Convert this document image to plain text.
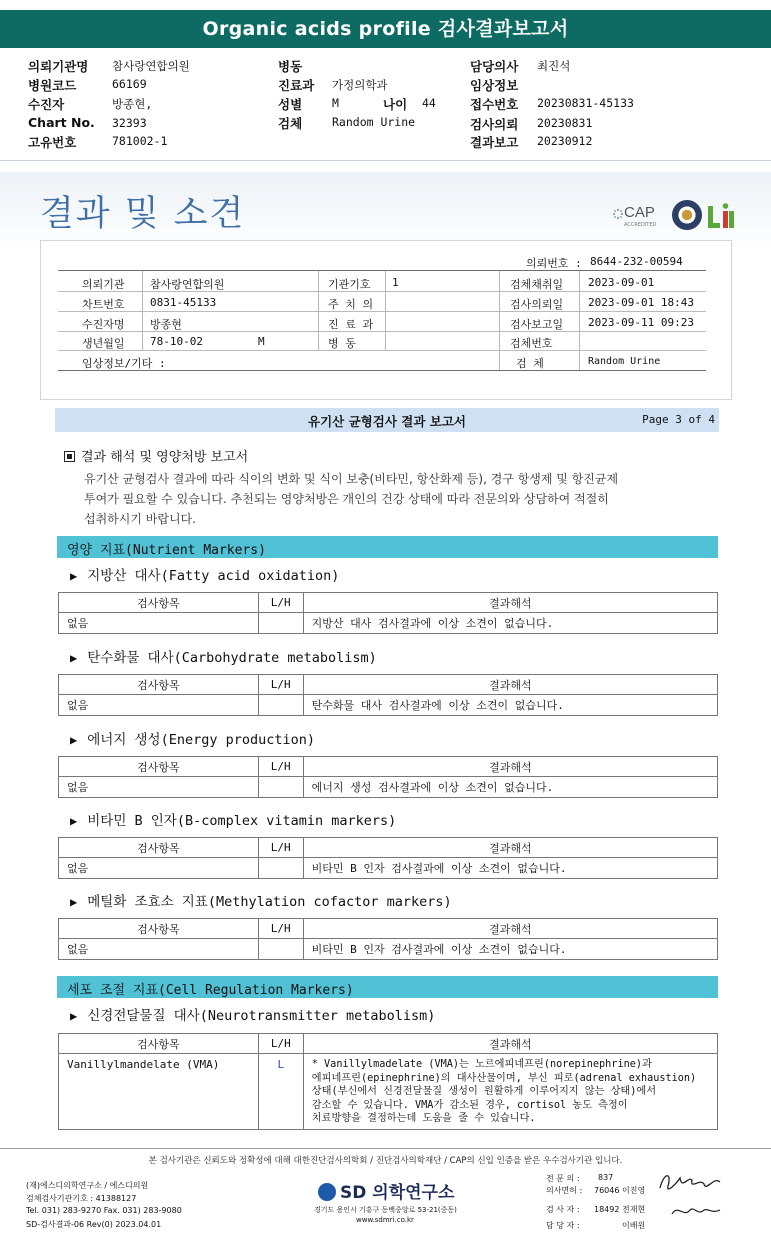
Organic acids profile 검사결과보고서
의뢰기관명 참사랑연합의원
병원코드	66169
수진자	방종현,
Chart No. 32393
고유번호	781002-1
병동
진료과 가정의학과
성별	M	나이 44
검체	Random Urine
담당의사 최진석
임상정보
접수번호 20230831-45133
검사의뢰 20230831
결과보고 20230912
결과 및 소견	CAP
ACCREDITED
의뢰번호 : 8644-232-00594
의뢰기관 참사랑연합의원	기관기호 1	검체채취일 2023-09-01
차트번호 0831-45133	주 치 의	검사의뢰일 2023-09-01 18:43
수진자명 방종현	진 료 과	검사보고일 2023-09-11 09:23
생년월일 78-10-02	M	병 동	검체번호
임상정보/기타 :	검 체	Random Urine
유기산 균형검사 결과 보고서	Page 3 of 4
결과 해석 및 영양처방 보고서
유기산 균형검사 결과에 따라 식이의 변화 및 식이 보충(비타민, 항산화제 등), 경구 항생제 및 항진균제
투여가 필요할 수 있습니다. 추천되는 영양처방은 개인의 건강 상태에 따라 전문의와 상담하여 적절히
섭취하시기 바랍니다.
영양 지표(Nutrient Markers)
▶ 지방산 대사(Fatty acid oxidation)
검사항목	L/H	결과해석
없음		지방산 대사 검사결과에 이상 소견이 없습니다.
▶ 탄수화물 대사(Carbohydrate metabolism)
검사항목	L/H	결과해석
없음		탄수화물 대사 검사결과에 이상 소견이 없습니다.
▶ 에너지 생성(Energy production)
검사항목	L/H	결과해석
없음		에너지 생성 검사결과에 이상 소견이 없습니다.
▶ 비타민 B 인자(B-complex vitamin markers)
검사항목	L/H	결과해석
없음		비타민 B 인자 검사결과에 이상 소견이 없습니다.
▶ 메틸화 조효소 지표(Methylation cofactor markers)
검사항목	L/H	결과해석
없음		비타민 B 인자 검사결과에 이상 소견이 없습니다.
세포 조절 지표(Cell Regulation Markers)
▶ 신경전달물질 대사(Neurotransmitter metabolism)
검사항목	L/H	결과해석
Vanillylmandelate (VMA)	L	* Vanillylmadelate (VMA)는 노르에피네프린(norepinephrine)과
에피네프린(epinephrine)의 대사산물이며, 부신 피로(adrenal exhaustion)
상태(부신에서 신경전달물질 생성이 원활하게 이루어지지 않는 상태)에서
감소할 수 있습니다. VMA가 감소된 경우, cortisol 농도 측정이
치료방향을 결정하는데 도움을 줄 수 있습니다.
본 검사기관은 신뢰도와 정확성에 대해 대한진단검사의학회 / 진단검사의학재단 / CAP의 신입 인증을 받은 우수검사기관 입니다.
(재)에스디의학연구소 / 에스디의원
검체검사기관기호 : 41388127
Tel. 031) 283-9270 Fax. 031) 283-9080
SD-검사결과-06 Rev(0) 2023.04.01
SD 의학연구소
경기도 용인시 기흥구 동백중앙로 53-21(중동)
www.sdmri.co.kr
전 문 의 : 837
의사면허 : 76046 이진영
검 사 자 : 18492 전재현
담 당 자 :	이배원
